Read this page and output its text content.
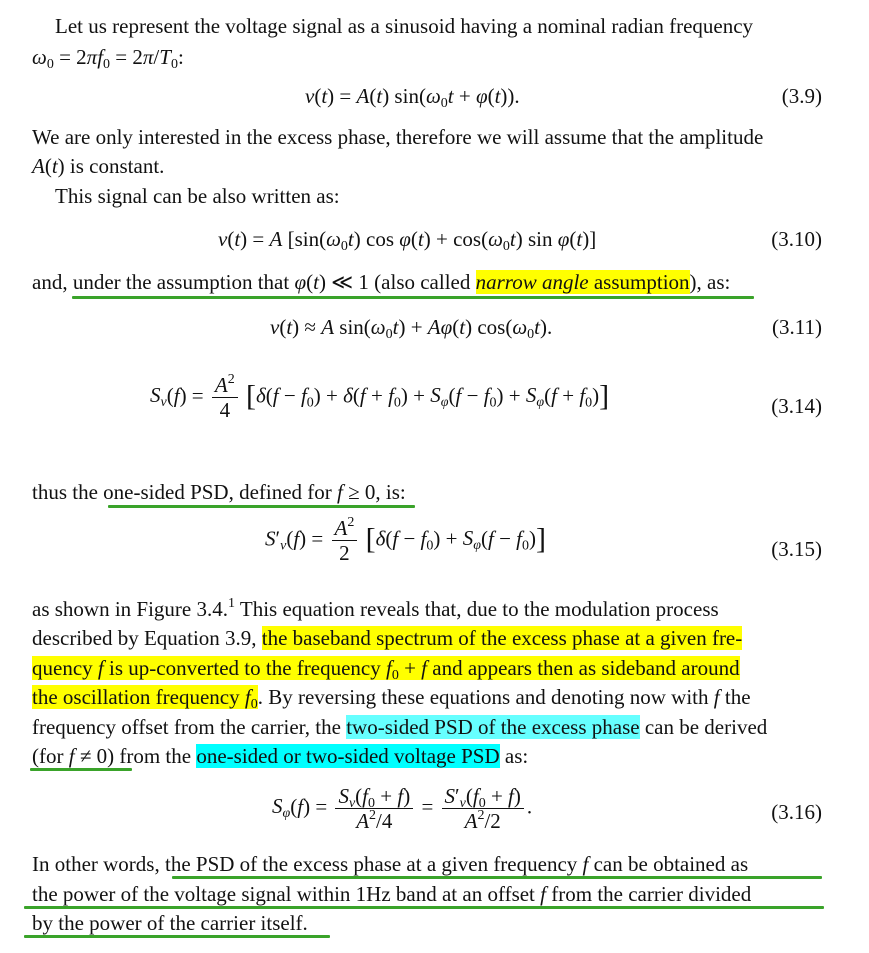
Let us represent the voltage signal as a sinusoid having a nominal radian frequency
$\omega_0 = 2\pi f_0 = 2\pi/T_0$:
v(t) = A(t) $\sin(\omega_0t + \varphi(t))$.	(3.9)
We are only interested in the excess phase, therefore we will assume that the amplitude
A(t) is constant.
This signal can be also written as:
v(t) = A [$\sin(\omega_0t)$ $\cos \varphi(t) + \cos(\omega_0t)$ sin φ(t)]	(3.10)
and, under the assumption that φ(t) ≪ 1 (also called narrow angle assumption), as:
v(t) ≈ A $\sin(\omega_0t) + A\varphi(t)$ $\cos(\omega_0t)$.	(3.11)
$S_v(f) = \frac{A^2}{4} [\delta(f - f_0) + \delta(f + f_0) + S_\varphi(f - f_0) + S_\varphi(f + f_0)]$	(3.14)
thus the one-sided PSD, defined for f ≥ 0, is:
$S'_v(f) = \frac{A^2}{2} [\delta(f - f_0) + S_\varphi(f - f_0)]$	(3.15)
as shown in Figure 3.4.$^1$ This equation reveals that, due to the modulation process
described by Equation 3.9, the baseband spectrum of the excess phase at a given fre-
quency f is up-converted to the frequency $f_0 + f$ and appears then as sideband around
the oscillation frequency $f_0$. By reversing these equations and denoting now with f the
frequency offset from the carrier, the two-sided PSD of the excess phase can be derived
(for f ≠ 0) from the one-sided or two-sided voltage PSD as:
$S_\varphi(f) = \frac{S_v(f_0 + f)}{A^2/4} = \frac{S'_v(f_0 + f)}{A^2/2}$ .	(3.16)
In other words, the PSD of the excess phase at a given frequency f can be obtained as
the power of the voltage signal within 1Hz band at an offset f from the carrier divided
by the power of the carrier itself.
